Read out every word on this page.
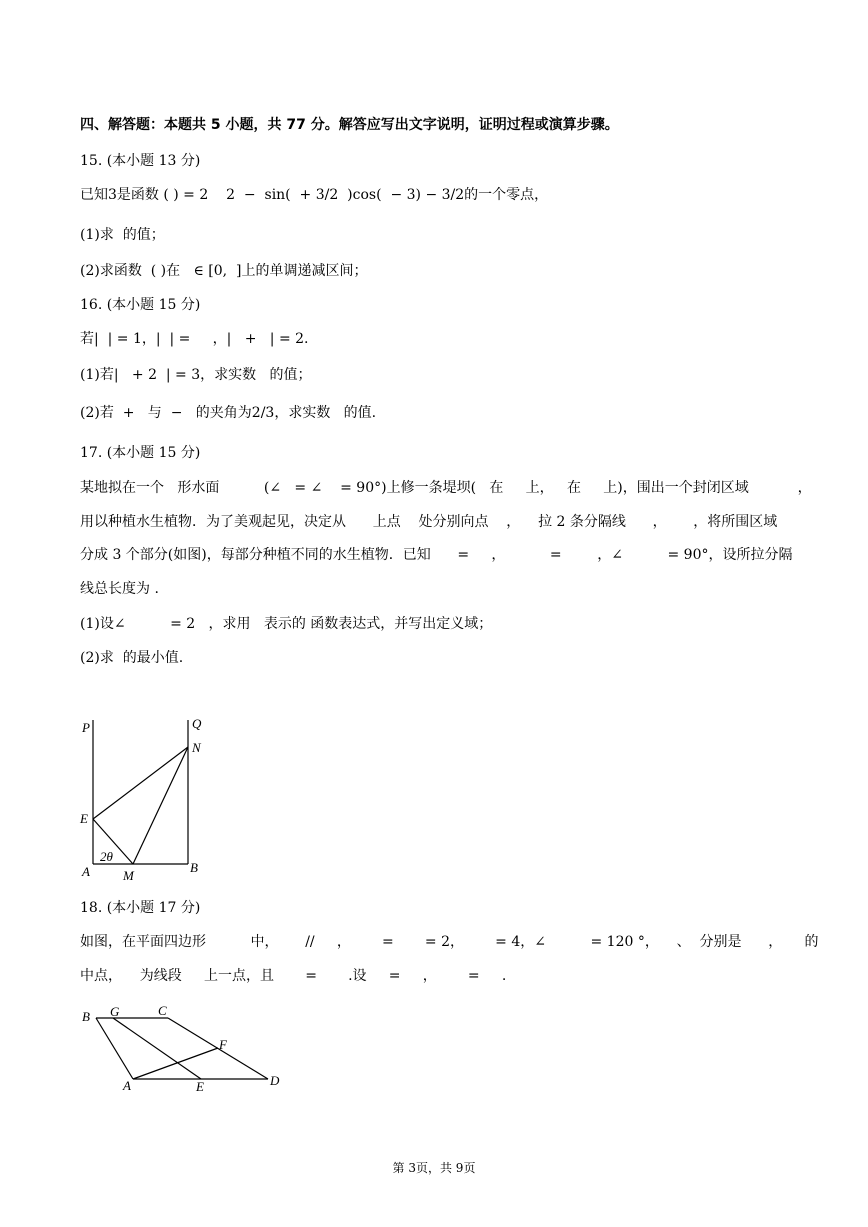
四、解答题：本题共 5 小题，共 77 分。解答应写出文字说明，证明过程或演算步骤。
15. (本小题 13 分)
已知3是函数 ( ) = 2    2  −  sin(  + 3/2  )cos(  − 3) − 3/2的一个零点，
(1)求  的值；
(2)求函数  ( )在   ∈ [0,  ]上的单调递减区间；
16. (本小题 15 分)
若|  | = 1，|  | =     ，|   +   | = 2.
(1)若|   + 2  | = 3，求实数   的值；
(2)若  +   与  −   的夹角为2/3，求实数   的值.
17. (本小题 15 分)
某地拟在一个   形水面          (∠   = ∠    = 90°)上修一条堤坝(   在     上，   在     上)，围出一个封闭区域           ，
用以种植水生植物．为了美观起见，决定从      上点    处分别向点    ，    拉 2 条分隔线      ，      ，将所围区域
分成 3 个部分(如图)，每部分种植不同的水生植物．已知      =     ，          =        ，∠          = 90°，设所拉分隔
线总长度为 .
(1)设∠          = 2   ，求用   表示的 函数表达式，并写出定义域；
(2)求  的最小值.
P	Q
N
E
2θ
A	M
B
18. (本小题 17 分)
如图，在平面四边形          中，      //     ，       =       = 2，       = 4，∠          = 120 °，    、  分别是      ，     的
中点，    为线段     上一点，且       =       .设     =     ，       =     .
B G	C
F
A	E	D
第 3页，共 9页
